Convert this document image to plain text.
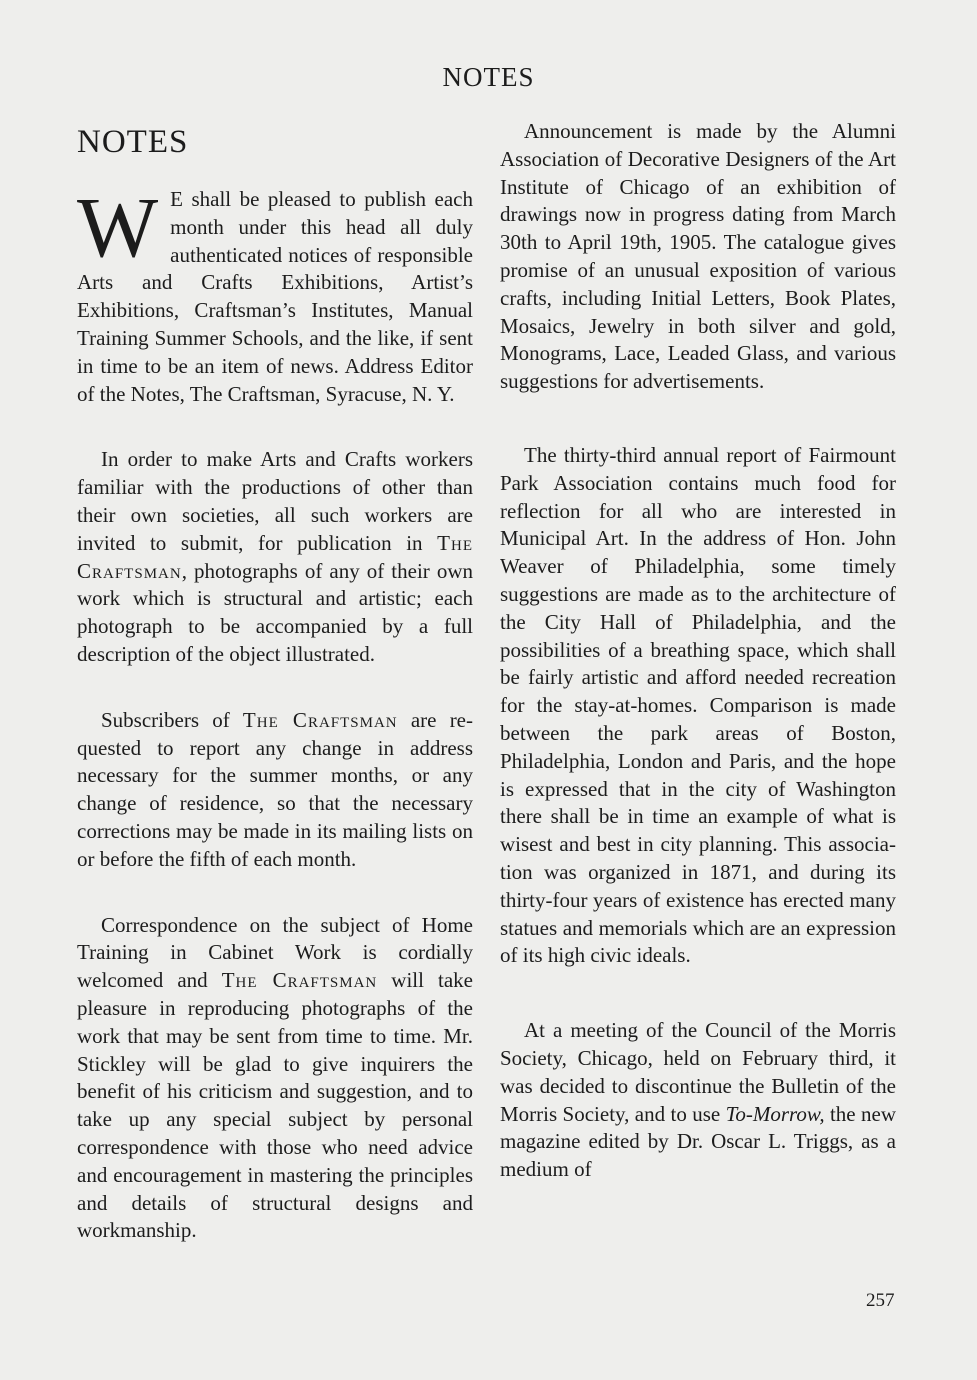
NOTES
NOTES

W E shall be pleased to publish each month under this head all duly authenticated notices of responsible Arts and Crafts Exhibitions, Artist’s Exhibitions, Craftsman’s Institutes, Manual Training Summer Schools, and the like, if sent in time to be an item of news. Address Editor of the Notes, The Craftsman, Syracuse, N. Y.

In order to make Arts and Crafts workers familiar with the productions of other than their own societies, all such workers are invited to submit, for publication in The Craftsman, photographs of any of their own work which is structural and artistic; each photograph to be accompanied by a full description of the object illustrated.

Subscribers of The Craftsman are requested to report any change in address necessary for the summer months, or any change of residence, so that the necessary corrections may be made in its mailing lists on or before the fifth of each month.

Correspondence on the subject of Home Training in Cabinet Work is cordially welcomed and The Craftsman will take pleasure in reproducing photographs of the work that may be sent from time to time. Mr. Stickley will be glad to give inquirers the benefit of his criticism and suggestion, and to take up any special subject by personal correspondence with those who need advice and encouragement in mastering the principles and details of structural designs and workmanship.

Announcement is made by the Alumni Association of Decorative Designers of the Art Institute of Chicago of an exhibition of drawings now in progress dating from March 30th to April 19th, 1905. The catalogue gives promise of an unusual exposition of various crafts, including Initial Letters, Book Plates, Mosaics, Jewelry in both silver and gold, Monograms, Lace, Leaded Glass, and various suggestions for advertisements.

The thirty-third annual report of Fairmount Park Association contains much food for reflection for all who are interested in Municipal Art. In the address of Hon. John Weaver of Philadelphia, some timely suggestions are made as to the architecture of the City Hall of Philadelphia, and the possibilities of a breathing space, which shall be fairly artistic and afford needed recreation for the stay-at-homes. Comparison is made between the park areas of Boston, Philadelphia, London and Paris, and the hope is expressed that in the city of Washington there shall be in time an example of what is wisest and best in city planning. This association was organized in 1871, and during its thirty-four years of existence has erected many statues and memorials which are an expression of its high civic ideals.

At a meeting of the Council of the Morris Society, Chicago, held on February third, it was decided to discontinue the Bulletin of the Morris Society, and to use To-Morrow, the new magazine edited by Dr. Oscar L. Triggs, as a medium of

257
